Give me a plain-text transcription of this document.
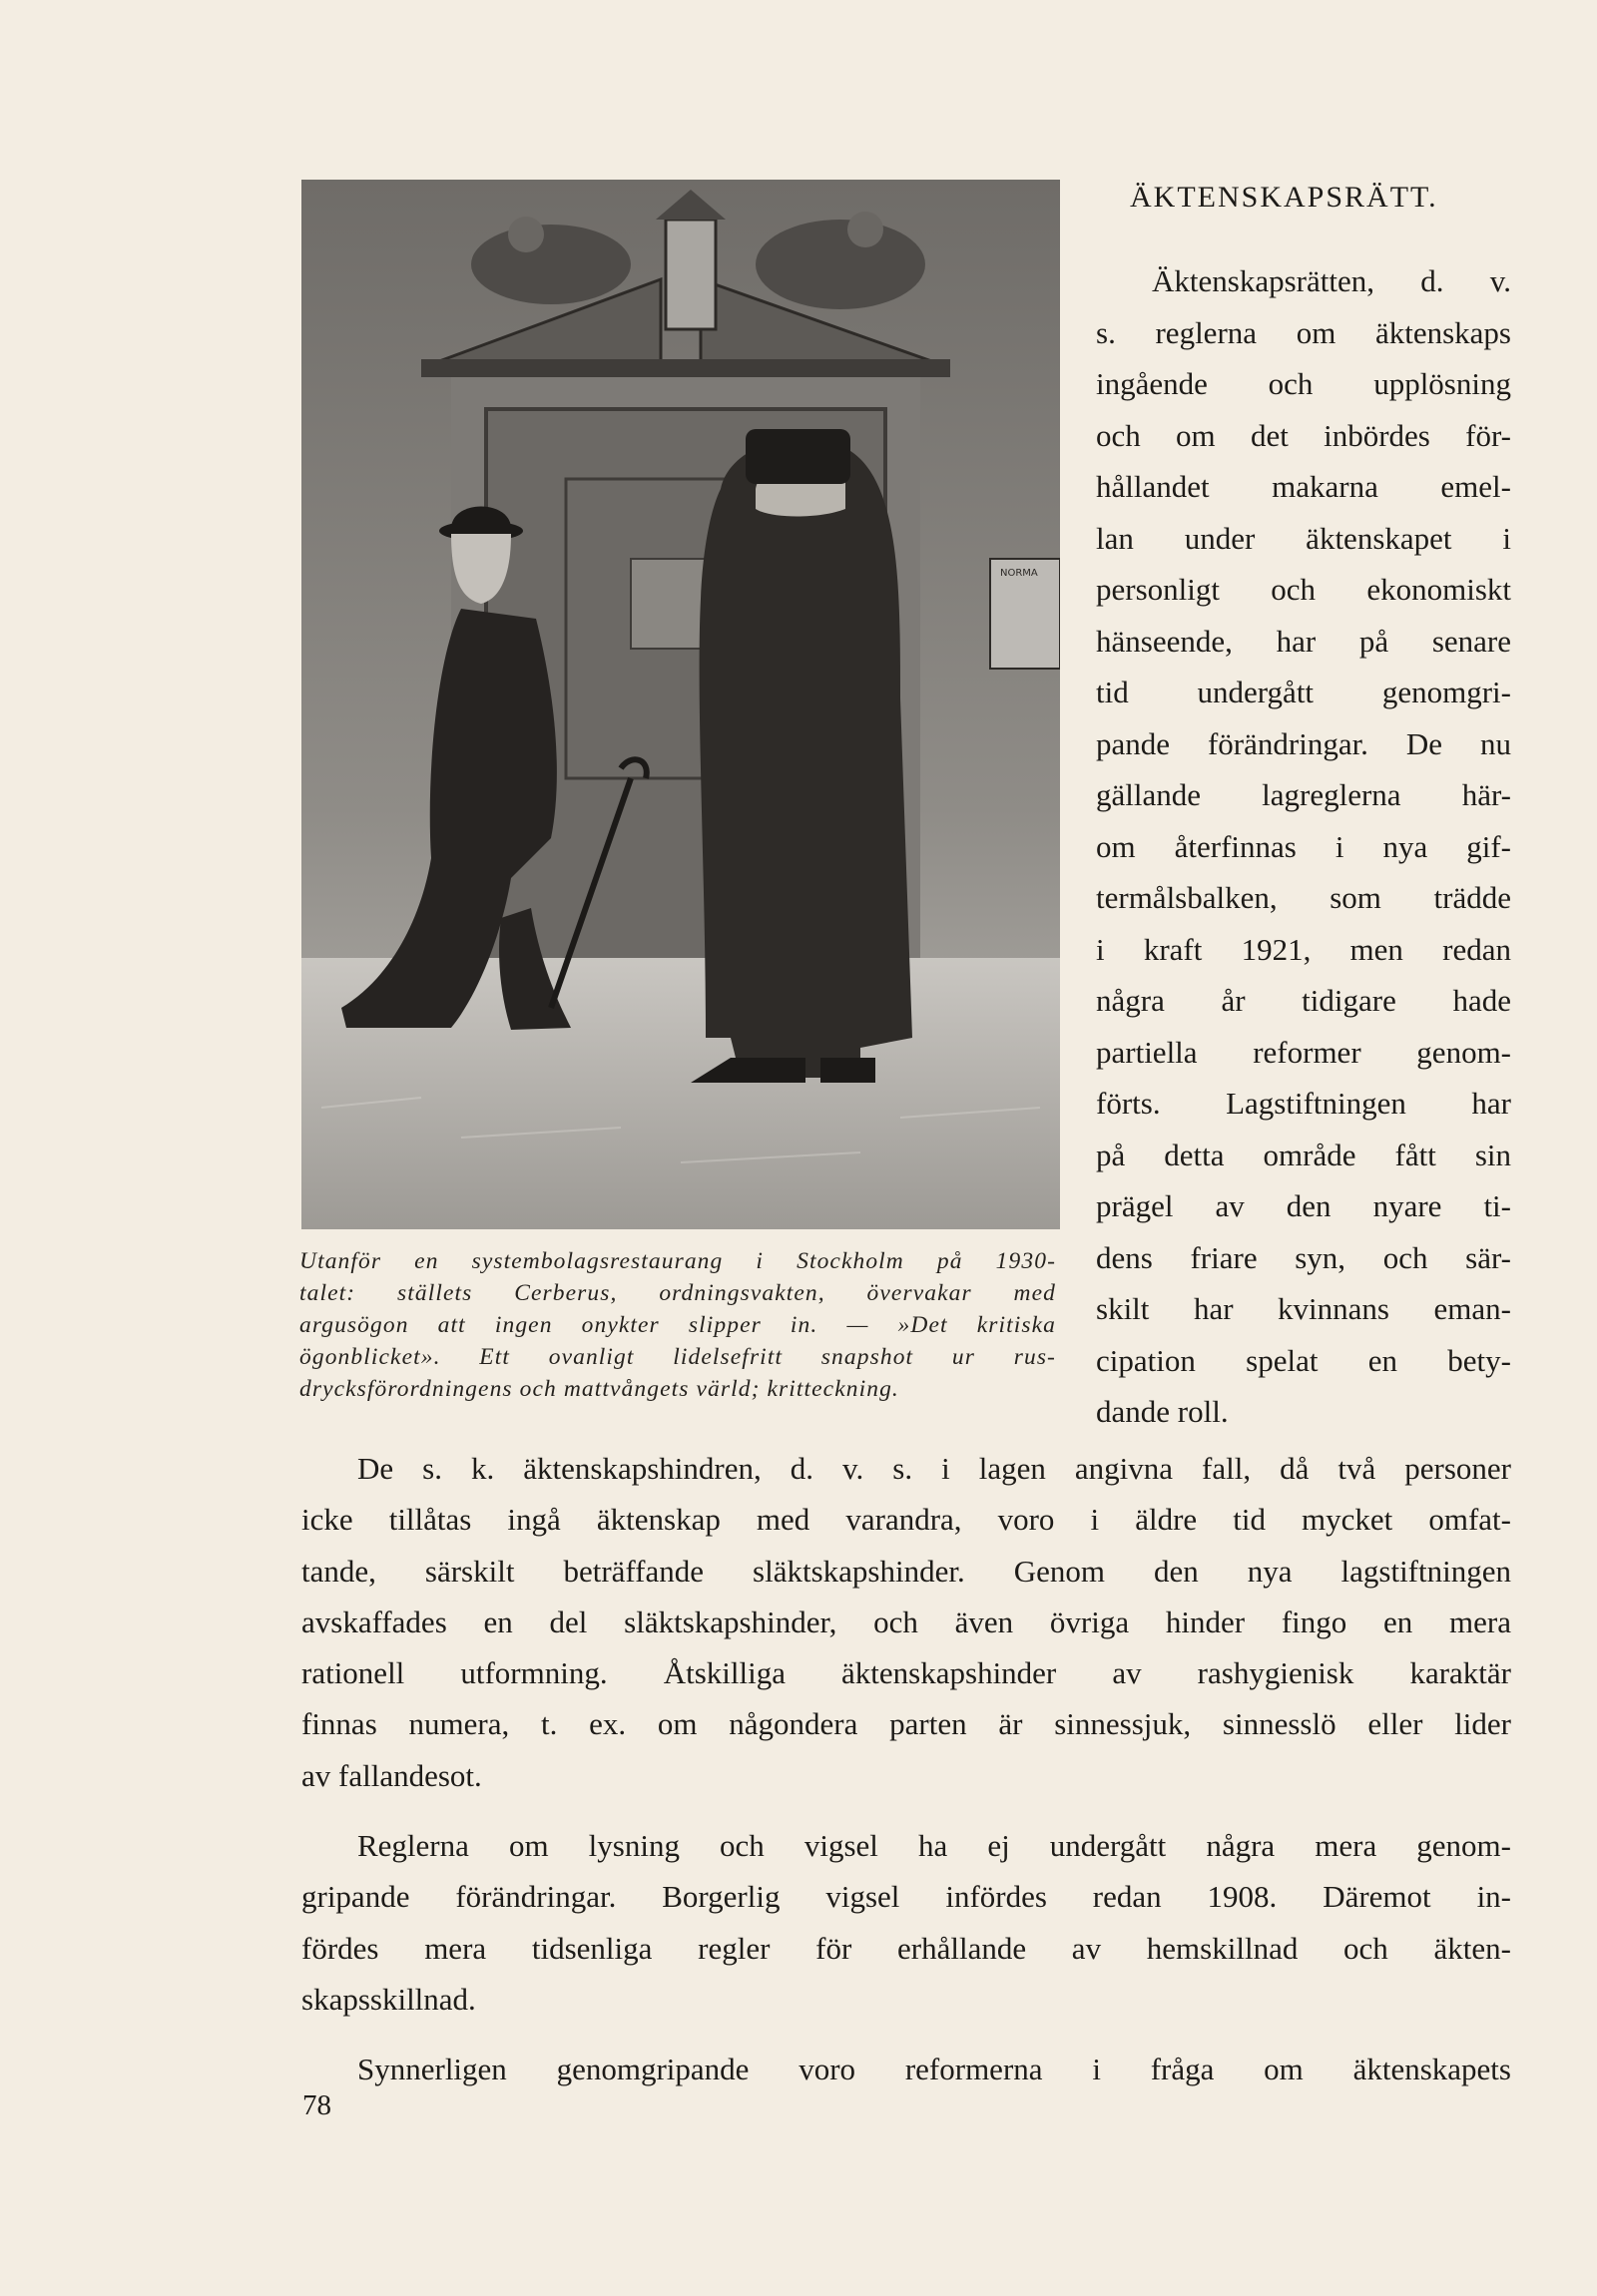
NORMA
Utanför en systembolagsrestaurang i Stockholm på 1930-
talet: ställets Cerberus, ordningsvakten, övervakar med
argusögon att ingen onykter slipper in. — »Det kritiska
ögonblicket». Ett ovanligt lidelsefritt snapshot ur rus-
drycksförordningens och mattvångets värld; kritteckning.
ÄKTENSKAPSRÄTT.
Äktenskapsrätten, d. v.
s. reglerna om äktenskaps
ingående och upplösning
och om det inbördes för-
hållandet makarna emel-
lan under äktenskapet i
personligt och ekonomiskt
hänseende, har på senare
tid undergått genomgri-
pande förändringar. De nu
gällande lagreglerna här-
om återfinnas i nya gif-
termålsbalken, som trädde
i kraft 1921, men redan
några år tidigare hade
partiella reformer genom-
förts. Lagstiftningen har
på detta område fått sin
prägel av den nyare ti-
dens friare syn, och sär-
skilt har kvinnans eman-
cipation spelat en bety-
dande roll.
De s. k. äktenskapshindren, d. v. s. i lagen angivna fall, då två personer
icke tillåtas ingå äktenskap med varandra, voro i äldre tid mycket omfat-
tande, särskilt beträffande släktskapshinder. Genom den nya lagstiftningen
avskaffades en del släktskapshinder, och även övriga hinder fingo en mera
rationell utformning. Åtskilliga äktenskapshinder av rashygienisk karaktär
finnas numera, t. ex. om någondera parten är sinnessjuk, sinnesslö eller lider
av fallandesot.
Reglerna om lysning och vigsel ha ej undergått några mera genom-
gripande förändringar. Borgerlig vigsel infördes redan 1908. Däremot in-
fördes mera tidsenliga regler för erhållande av hemskillnad och äkten-
skapsskillnad.
Synnerligen genomgripande voro reformerna i fråga om äktenskapets
78
